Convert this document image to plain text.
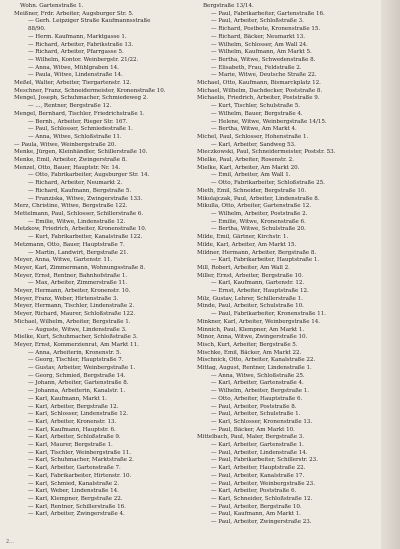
Wohn. Gartenstraße 1.
Meißner, Frdr. Arbeiter, Augsburger Str. 5.
— Gerh. Leipziger Straße Kaufmannsstraße
88/90.
— Herm. Kaufmann, Marktgasse 1.
— Richard, Arbeiter, Fabrikstraße 13.
— Richard, Arbeiter, Pfarrgasse 5.
— Wilhelm, Kontor. Weinbergstr. 21/22.
— Anna, Witwe, Mühlgraben 14.
— Paula, Witwe, Lindenstraße 14.
Meßel, Walter, Arbeiter, Tiergartenstr. 12.
Meschner, Franz, Schneidermeister, Kronenstraße 10.
Mengel, Joseph, Schuhmacher, Schmiedeweg 2.
— ..., Rentner, Bergstraße 12.
Mengel, Bernhard, Tischler, Friedrichstraße 1.
— Bernh., Arbeiter, Rieger Str. 167.
— Paul, Schlosser, Schmiedestraße 1.
— Anna, Witwe, Schloßstraße 11.
— Paula, Witwe, Weinbergstraße 20.
Menke, Jürgen, Kleinhändler, Schillerstraße 10.
Menke, Emil, Arbeiter, Zwingerstraße 8.
Menzel, Otto, Bauer, Hauptstr. Nr. 14.
— Otto, Fabrikarbeiter, Augsburger Str. 14.
— Richard, Arbeiter, Neumarkt 2.
— Richard, Kaufmann, Bergstraße 5.
— Franziska, Witwe, Zwingerstraße 133.
Merz, Christine, Witwe, Bergstraße 122.
Mettelmann, Paul, Schlosser, Schillerstraße 6.
— Emilie, Witwe, Lindenstraße 12.
Metzkow, Friedrich, Arbeiter, Kronenstraße 10.
— Kurt, Fabrikarbeiter, Kanalstraße 122.
Metzmann, Otto, Bauer, Hauptstraße 7.
— Martin, Landwirt, Bergstraße 21.
Meyer, Anna, Witwe, Gartenstr. 11.
Meyer, Karl, Zimmermann, Wohnungsstraße 8.
Meyer, Ernst, Rentner, Bahnhofstraße 1.
— Max, Arbeiter, Zimmerstraße 11.
Meyer, Hermann, Arbeiter, Kronenstr. 10.
Meyer, Franz, Weber, Hirtenstraße 3.
Meyer, Hermann, Tischler, Lindenstraße 2.
Meyer, Richard, Maurer, Schloßstraße 122.
Michael, Wilhelm, Arbeiter, Bergstraße 1.
— Auguste, Witwe, Lindenstraße 3.
Mielke, Kurt, Schuhmacher, Schloßstraße 3.
Meyer, Ernst, Kommerzienrat, Am Markt 11.
— Anna, Arbeiterin, Kronenstr. 5.
— Georg, Tischler, Hauptstraße 7.
— Gustav, Arbeiter, Weinbergstraße 1.
— Georg, Schmied, Bergstraße 14.
— Johann, Arbeiter, Gartenstraße 8.
— Johanna, Arbeiterin, Kanalstr. 1.
— Karl, Kaufmann, Markt 1.
— Karl, Arbeiter, Bergstraße 12.
— Karl, Schlosser, Lindenstraße 12.
— Karl, Arbeiter, Kronenstr. 13.
— Karl, Kaufmann, Hauptstr. 6.
— Karl, Arbeiter, Schloßstraße 9.
— Karl, Maurer, Bergstraße 1.
— Karl, Tischler, Weinbergstraße 11.
— Karl, Schuhmacher, Marktstraße 2.
— Karl, Arbeiter, Gartenstraße 7.
— Karl, Fabrikarbeiter, Hirtenstr. 10.
— Karl, Schmied, Kanalstraße 2.
— Karl, Weber, Lindenstraße 14.
— Karl, Klempner, Bergstraße 22.
— Karl, Rentner, Schillerstraße 16.
— Karl, Arbeiter, Zwingerstraße 4.
Bergstraße 13/14.
— Paul, Fabrikarbeiter, Gartenstraße 16.
— Paul, Arbeiter, Schloßstraße 3.
— Richard, Postbote, Kronenstraße 15.
— Richard, Bäcker, Neumarkt 13.
— Wilhelm, Schlosser, Am Wall 24.
— Wilhelm, Kaufmann, Am Markt 5.
— Bertha, Witwe, Schwedenstraße 8.
— Elisabeth, Frau, Feldstraße 2.
— Marie, Witwe, Deutsche Straße 22.
Michael, Otto, Kaufmann, Bismarckplatz 12.
Michael, Wilhelm, Dachdecker, Poststraße 8.
Michaelis, Friedrich, Arbeiter, Poststraße 9.
— Kurt, Tischler, Schulstraße 5.
— Wilhelm, Bauer, Bergstraße 4.
— Helene, Witwe, Weinbergstraße 14/15.
— Bertha, Witwe, Am Markt 4.
Michel, Paul, Schlosser, Hohenstraße 1.
— Karl, Arbeiter, Sandweg 53.
Mieczkowski, Paul, Schneidermeister, Poststr. 53.
Mielke, Paul, Arbeiter, Rosenstr. 2.
Mielke, Karl, Arbeiter, Am Markt 20.
— Emil, Arbeiter, Am Wall 1.
— Otto, Fabrikarbeiter, Schloßstraße 25.
Mieth, Emil, Schneider, Bergstraße 10.
Mikolajczak, Paul, Arbeiter, Lindenstraße 8.
Mikulla, Otto, Arbeiter, Gartenstraße 12.
— Wilhelm, Arbeiter, Poststraße 2.
— Emilie, Witwe, Kronenstraße 6.
— Bertha, Witwe, Schulstraße 20.
Milde, Emil, Gärtner, Kirchstr. 1.
Milde, Karl, Arbeiter, Am Markt 15.
Mildner, Hermann, Arbeiter, Bergstraße 8.
— Karl, Fabrikarbeiter, Hauptstraße 1.
Mill, Robert, Arbeiter, Am Wall 2.
Miller, Ernst, Arbeiter, Bergstraße 10.
— Karl, Kaufmann, Gartenstr. 12.
— Ernst, Arbeiter, Hauptstraße 12.
Milz, Gustav, Lehrer, Schillerstraße 1.
Minde, Paul, Arbeiter, Schulstraße 10.
— Paul, Fabrikarbeiter, Kronenstraße 11.
Minkner, Karl, Arbeiter, Weinbergstraße 14.
Minnich, Paul, Klempner, Am Markt 1.
Minor, Anna, Witwe, Zwingerstraße 10.
Misch, Kurt, Arbeiter, Bergstraße 5.
Mischke, Emil, Bäcker, Am Markt 22.
Mischnick, Otto, Arbeiter, Kanalstraße 22.
Mittag, August, Rentner, Lindenstraße 1.
— Anna, Witwe, Schloßstraße 25.
— Karl, Arbeiter, Gartenstraße 4.
— Wilhelm, Arbeiter, Bergstraße 1.
— Otto, Arbeiter, Hauptstraße 6.
— Paul, Arbeiter, Poststraße 8.
— Paul, Arbeiter, Schulstraße 1.
— Karl, Schlosser, Kronenstraße 13.
— Paul, Bäcker, Am Markt 10.
Mittelbach, Paul, Maler, Bergstraße 3.
— Karl, Arbeiter, Gartenstraße 1.
— Paul, Arbeiter, Lindenstraße 14.
— Paul, Fabrikarbeiter, Schillerstr. 23.
— Karl, Arbeiter, Hauptstraße 22.
— Paul, Arbeiter, Kanalstraße 17.
— Paul, Arbeiter, Weinbergstraße 23.
— Karl, Arbeiter, Poststraße 6.
— Karl, Schneider, Schloßstraße 12.
— Paul, Arbeiter, Bergstraße 10.
— Paul, Kaufmann, Am Markt 1.
— Paul, Arbeiter, Zwingerstraße 23.
2...
